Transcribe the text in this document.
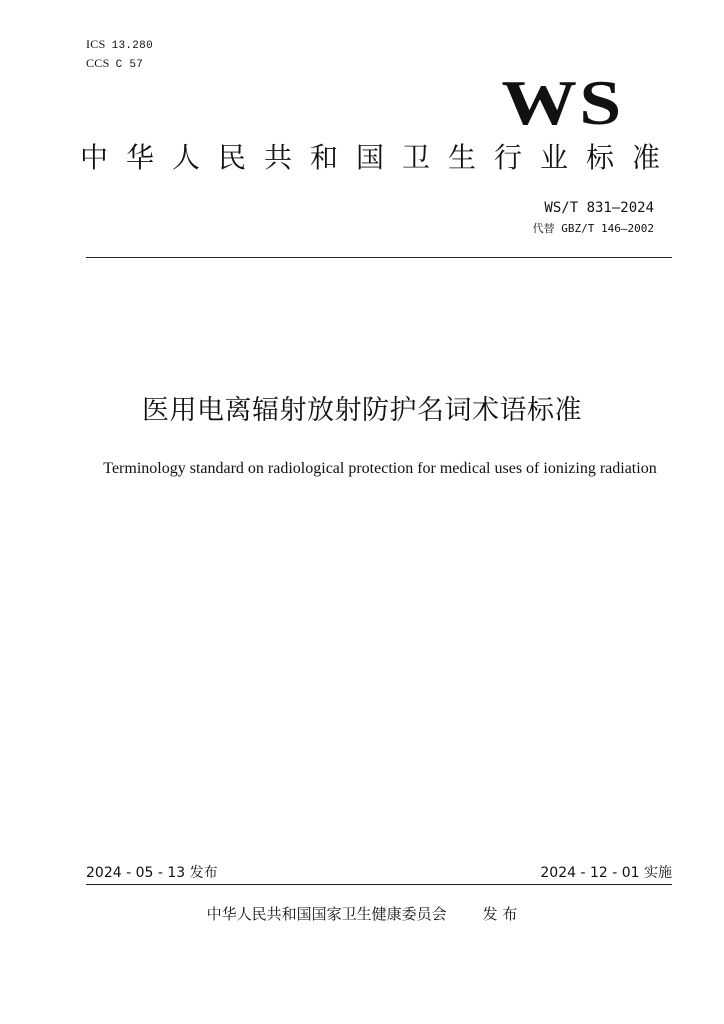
ICS 13.280
CCS C 57
WS
中华人民共和国卫生行业标准
WS/T 831—2024
代替 GBZ/T 146—2002
医用电离辐射放射防护名词术语标准
Terminology standard on radiological protection for medical uses of ionizing radiation
2024 - 05 - 13 发布	2024 - 12 - 01 实施
中华人民共和国国家卫生健康委员会 发 布
